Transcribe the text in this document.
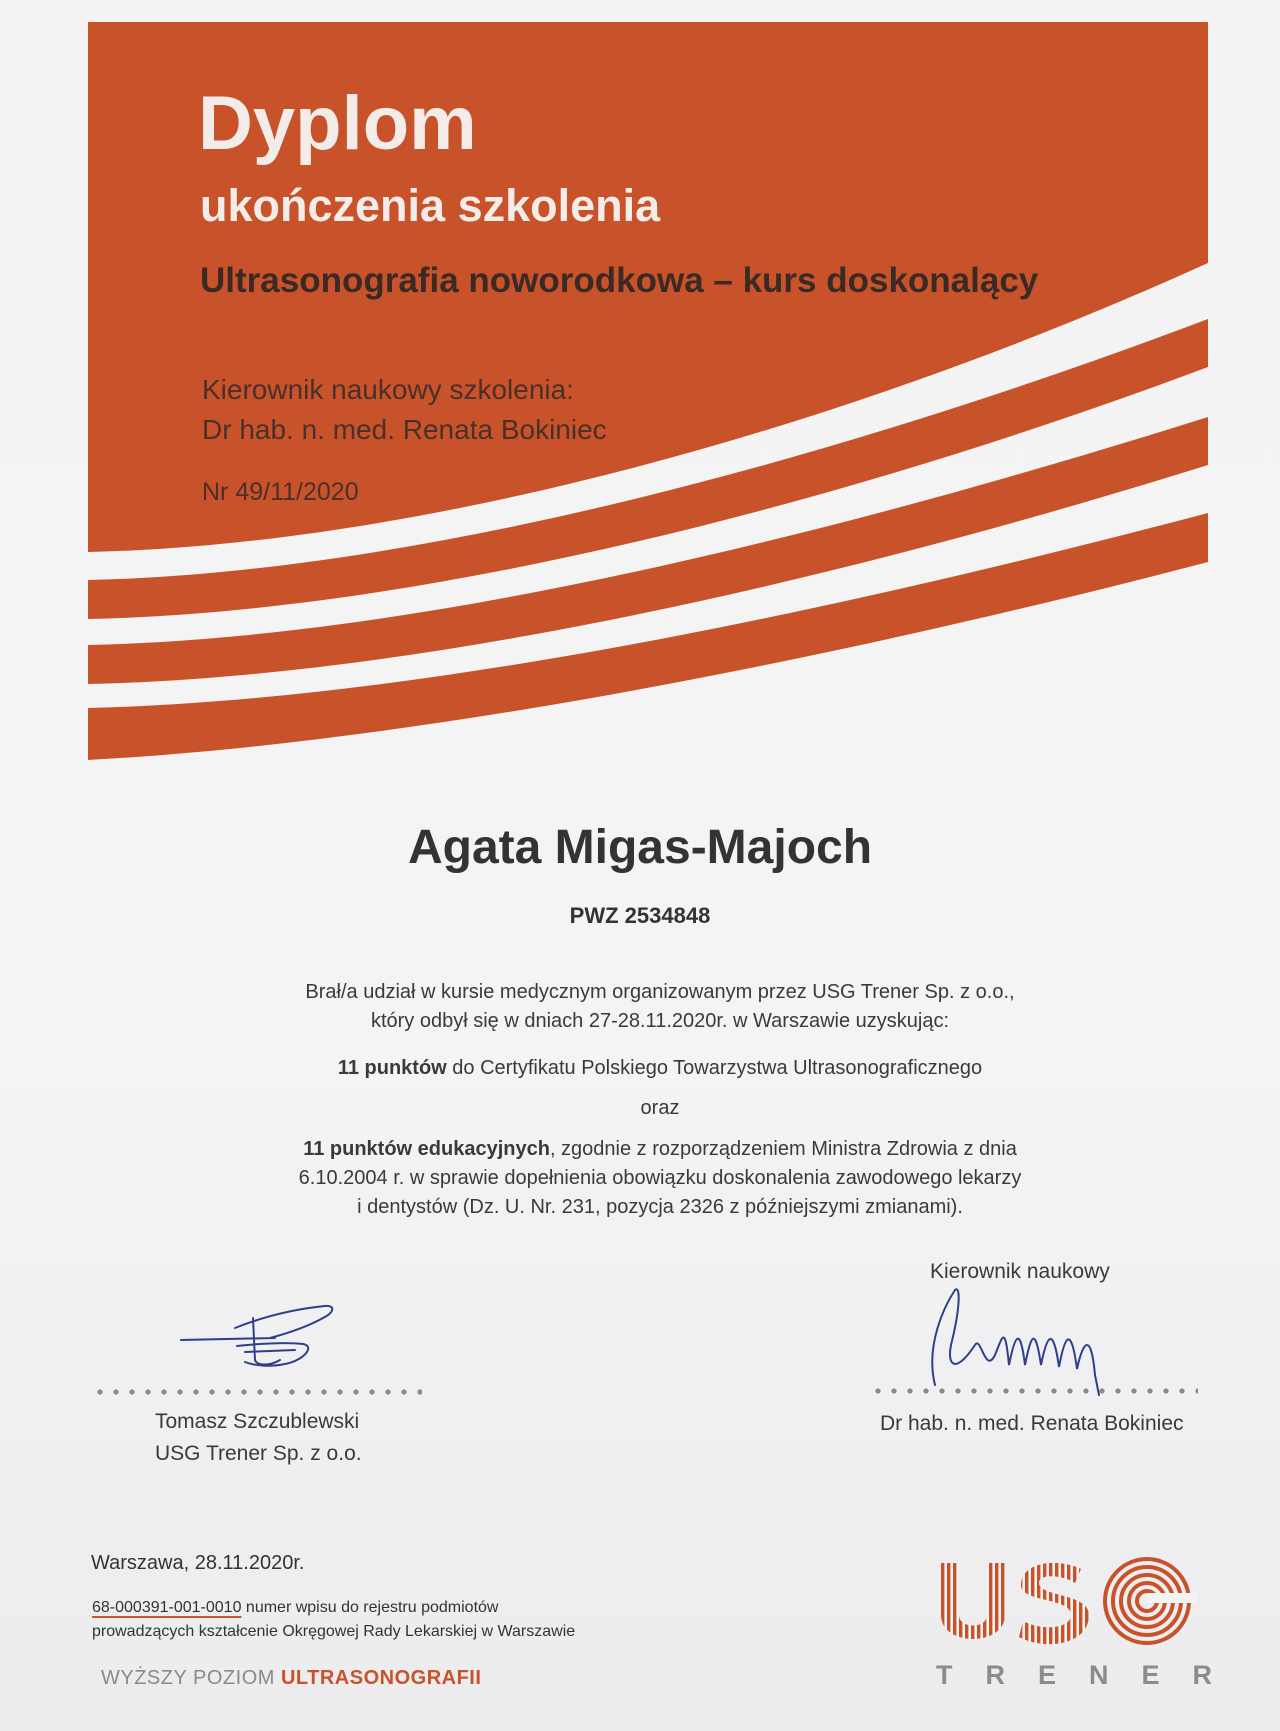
Dyplom

ukończenia szkolenia

Ultrasonografia noworodkowa – kurs doskonalący

Kierownik naukowy szkolenia:

Dr hab. n. med. Renata Bokiniec

Nr 49/11/2020

Agata Migas-Majoch

PWZ 2534848

Brał/a udział w kursie medycznym organizowanym przez USG Trener Sp. z o.o.,
który odbył się w dniach 27-28.11.2020r. w Warszawie uzyskując:

11 punktów do Certyfikatu Polskiego Towarzystwa Ultrasonograficznego

oraz

11 punktów edukacyjnych, zgodnie z rozporządzeniem Ministra Zdrowia z dnia
6.10.2004 r. w sprawie dopełnienia obowiązku doskonalenia zawodowego lekarzy
i dentystów (Dz. U. Nr. 231, pozycja 2326 z późniejszymi zmianami).

Kierownik naukowy

Tomasz Szczublewski

USG Trener Sp. z o.o.

Dr hab. n. med. Renata Bokiniec

Warszawa, 28.11.2020r.

68-000391-001-0010 numer wpisu do rejestru podmiotów

prowadzących kształcenie Okręgowej Rady Lekarskiej w Warszawie

WYŻSZY POZIOM ULTRASONOGRAFII	TRENER
